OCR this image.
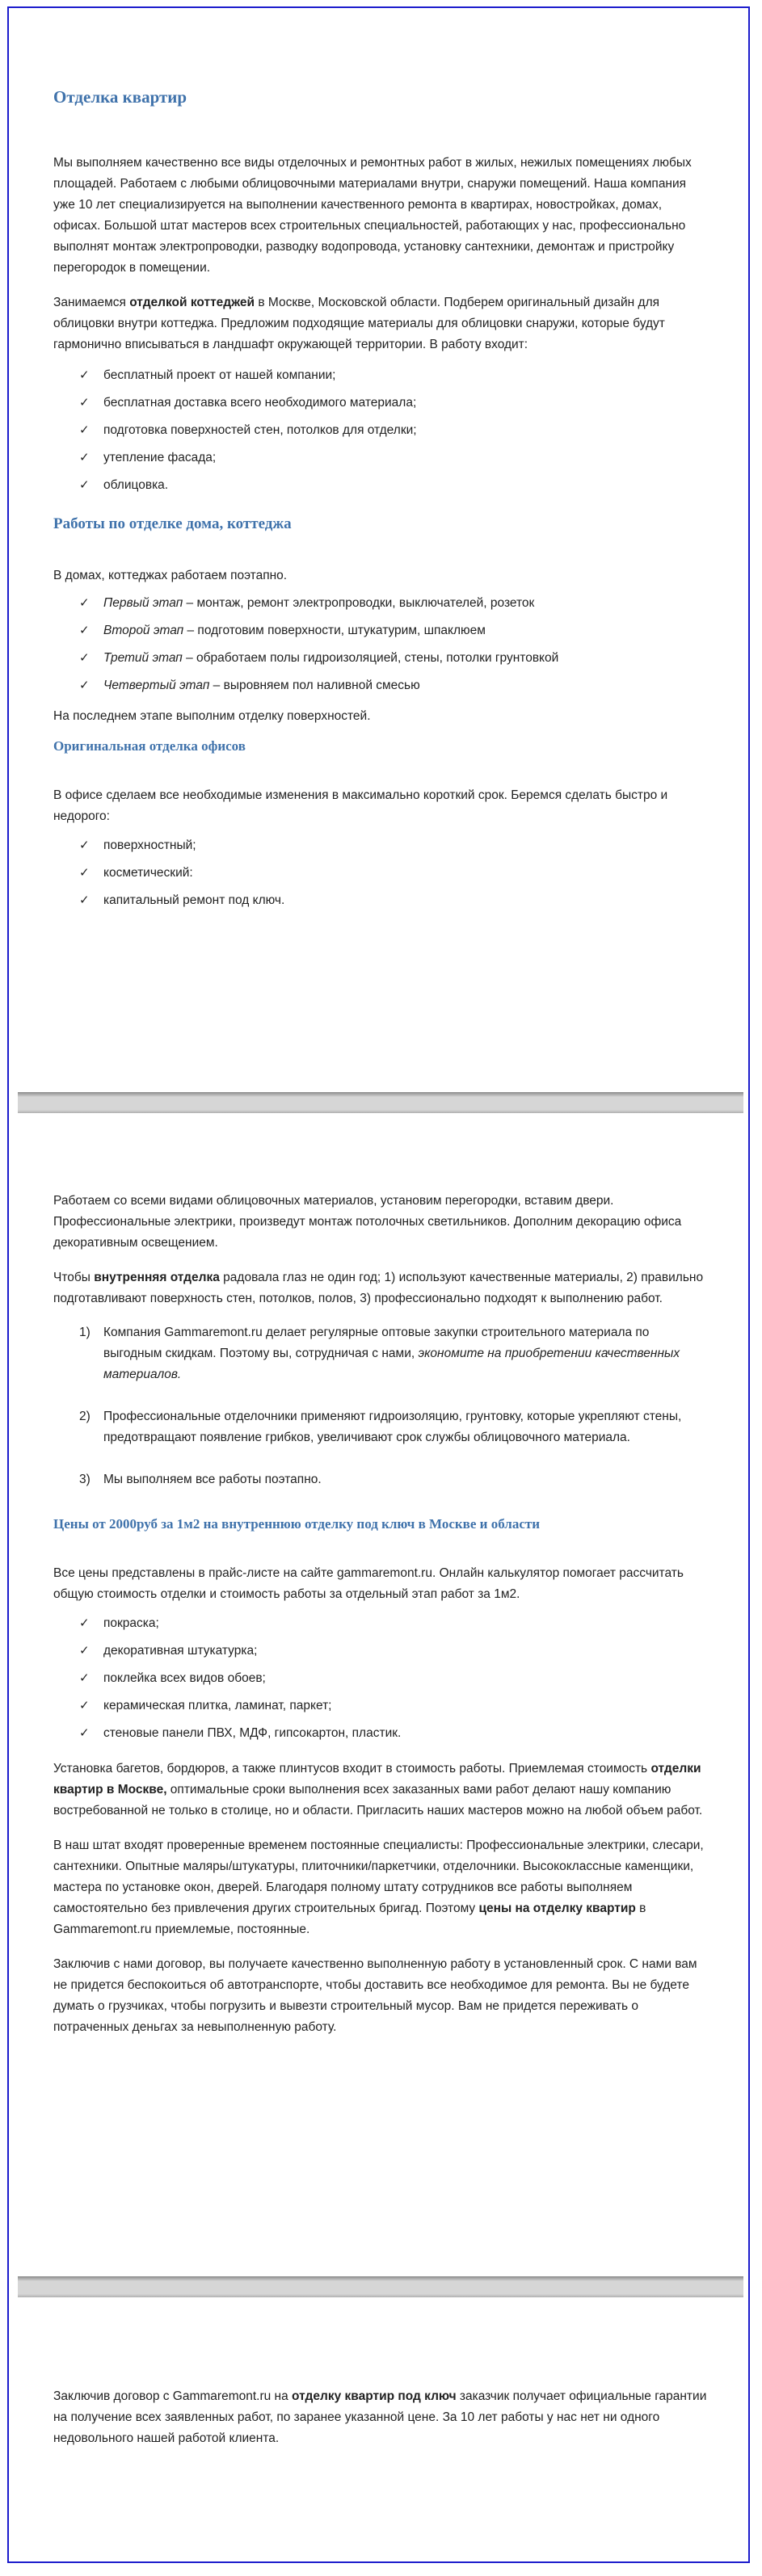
Отделка квартир

Мы выполняем качественно все виды отделочных и ремонтных работ в жилых, нежилых помещениях любых площадей. Работаем с любыми облицовочными материалами внутри, снаружи помещений. Наша компания уже 10 лет специализируется на выполнении качественного ремонта в квартирах, новостройках, домах, офисах. Большой штат мастеров всех строительных специальностей, работающих у нас, профессионально выполнят монтаж электропроводки, разводку водопровода, установку сантехники, демонтаж и пристройку перегородок в помещении.

Занимаемся отделкой коттеджей в Москве, Московской области. Подберем оригинальный дизайн для облицовки внутри коттеджа. Предложим подходящие материалы для облицовки снаружи, которые будут гармонично вписываться в ландшафт окружающей территории. В работу входит:

✓ бесплатный проект от нашей компании;
✓ бесплатная доставка всего необходимого материала;
✓ подготовка поверхностей стен, потолков для отделки;
✓ утепление фасада;
✓ облицовка.
Работы по отделке дома, коттеджа

В домах, коттеджах работаем поэтапно.

✓ Первый этап – монтаж, ремонт электропроводки, выключателей, розеток
✓ Второй этап – подготовим поверхности, штукатурим, шпаклюем
✓ Третий этап – обработаем полы гидроизоляцией, стены, потолки грунтовкой
✓ Четвертый этап – выровняем пол наливной смесью

На последнем этапе выполним отделку поверхностей.

Оригинальная отделка офисов

В офисе сделаем все необходимые изменения в максимально короткий срок. Беремся сделать быстро и недорого:

✓ поверхностный;
✓ косметический:
✓ капитальный ремонт под ключ.

Работаем со всеми видами облицовочных материалов, установим перегородки, вставим двери. Профессиональные электрики, произведут монтаж потолочных светильников. Дополним декорацию офиса декоративным освещением.

Чтобы внутренняя отделка радовала глаз не один год; 1) используют качественные материалы, 2) правильно подготавливают поверхность стен, потолков, полов, 3) профессионально подходят к выполнению работ.

1) Компания Gammaremont.ru делает регулярные оптовые закупки строительного материала по выгодным скидкам. Поэтому вы, сотрудничая с нами, экономите на приобретении качественных материалов.
2) Профессиональные отделочники применяют гидроизоляцию, грунтовку, которые укрепляют стены, предотвращают появление грибков, увеличивают срок службы облицовочного материала.
3) Мы выполняем все работы поэтапно.
Цены от 2000руб за 1м2 на внутреннюю отделку под ключ в Москве и области

Все цены представлены в прайс-листе на сайте gammaremont.ru. Онлайн калькулятор помогает рассчитать общую стоимость отделки и стоимость работы за отдельный этап работ за 1м2.

✓ покраска;
✓ декоративная штукатурка;
✓ поклейка всех видов обоев;
✓ керамическая плитка, ламинат, паркет;
✓ стеновые панели ПВХ, МДФ, гипсокартон, пластик.

Установка багетов, бордюров, а также плинтусов входит в стоимость работы. Приемлемая стоимость отделки квартир в Москве, оптимальные сроки выполнения всех заказанных вами работ делают нашу компанию востребованной не только в столице, но и области. Пригласить наших мастеров можно на любой объем работ.

В наш штат входят проверенные временем постоянные специалисты: Профессиональные электрики, слесари, сантехники. Опытные маляры/штукатуры, плиточники/паркетчики, отделочники. Высококлассные каменщики, мастера по установке окон, дверей. Благодаря полному штату сотрудников все работы выполняем самостоятельно без привлечения других строительных бригад. Поэтому цены на отделку квартир в Gammaremont.ru приемлемые, постоянные.

Заключив с нами договор, вы получаете качественно выполненную работу в установленный срок. С нами вам не придется беспокоиться об автотранспорте, чтобы доставить все необходимое для ремонта. Вы не будете думать о грузчиках, чтобы погрузить и вывезти строительный мусор. Вам не придется переживать о потраченных деньгах за невыполненную работу.

Заключив договор с Gammaremont.ru на отделку квартир под ключ заказчик получает официальные гарантии на получение всех заявленных работ, по заранее указанной цене. За 10 лет работы у нас нет ни одного недовольного нашей работой клиента.
